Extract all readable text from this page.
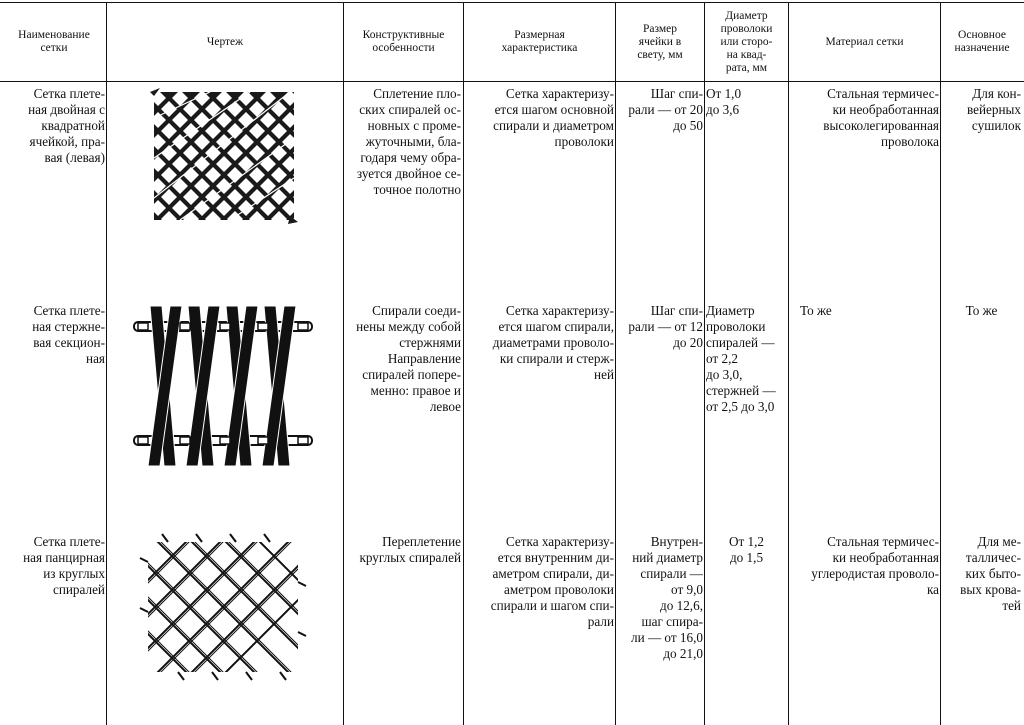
Наименование
сетки
Чертеж
Конструктивные
особенности
Размерная
характеристика
Размер
ячейки в
свету, мм
Диаметр
проволоки
или сторо-
на квад-
рата, мм
Материал сетки
Основное
назначение
Сетка плете-
ная двойная с
квадратной
ячейкой, пра-
вая (левая)
Сплетение пло-
ских спиралей ос-
новных с проме-
жуточными, бла-
годаря чему обра-
зуется двойное се-
точное полотно
Сетка характеризу-
ется шагом основной
спирали и диаметром
проволоки
Шаг спи-
рали — от 20
до 50
От 1,0
до 3,6
Стальная термичес-
ки необработанная
высоколегированная
проволока
Для кон-
вейерных
сушилок
Сетка плете-
ная стержне-
вая секцион-
ная
Спирали соеди-
нены между собой
стержнями
Направление
спиралей попере-
менно: правое и
левое
Сетка характеризу-
ется шагом спирали,
диаметрами проволо-
ки спирали и стерж-
ней
Шаг спи-
рали — от 12
до 20
Диаметр
проволоки
спиралей —
от 2,2
до 3,0,
стержней —
от 2,5 до 3,0
То же	То же
Сетка плете-
ная панцирная
из круглых
спиралей
Переплетение
круглых спиралей
Сетка характеризу-
ется внутренним ди-
аметром спирали, ди-
аметром проволоки
спирали и шагом спи-
рали
Внутрен-
ний диаметр
спирали —
от 9,0
до 12,6,
шаг спира-
ли — от 16,0
до 21,0
От 1,2
до 1,5
Стальная термичес-
ки необработанная
углеродистая проволо-
ка
Для ме-
талличес-
ких быто-
вых крова-
тей
